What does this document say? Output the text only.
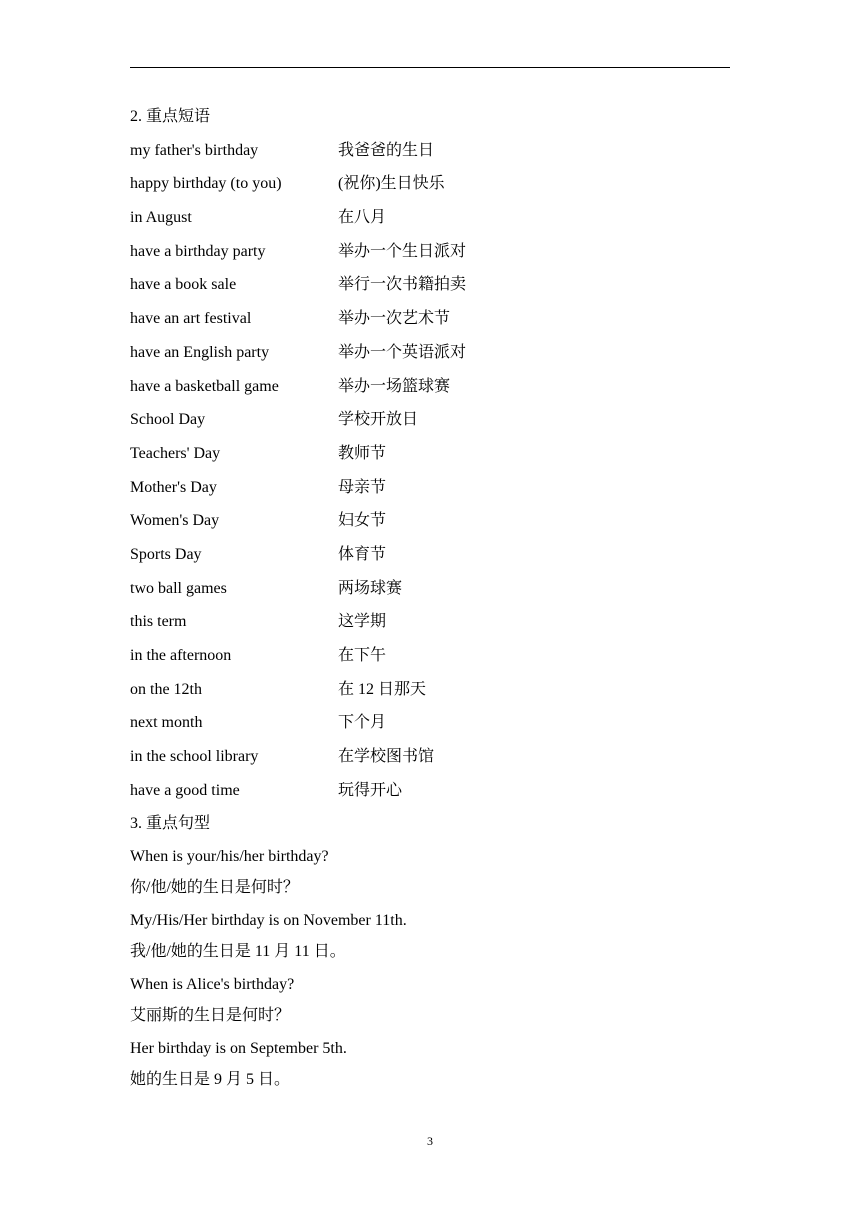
2. 重点短语
my father's birthday	我爸爸的生日
happy birthday (to you)	(祝你)生日快乐
in August	在八月
have a birthday party	举办一个生日派对
have a book sale	举行一次书籍拍卖
have an art festival	举办一次艺术节
have an English party	举办一个英语派对
have a basketball game	举办一场篮球赛
School Day	学校开放日
Teachers' Day	教师节
Mother's Day	母亲节
Women's Day	妇女节
Sports Day	体育节
two ball games	两场球赛
this term	这学期
in the afternoon	在下午
on the 12th	在 12 日那天
next month	下个月
in the school library	在学校图书馆
have a good time	玩得开心
3. 重点句型
When is your/his/her birthday?
你/他/她的生日是何时？
My/His/Her birthday is on November 11th.
我/他/她的生日是 11 月 11 日。
When is Alice's birthday?
艾丽斯的生日是何时？
Her birthday is on September 5th.
她的生日是 9 月 5 日。
3
